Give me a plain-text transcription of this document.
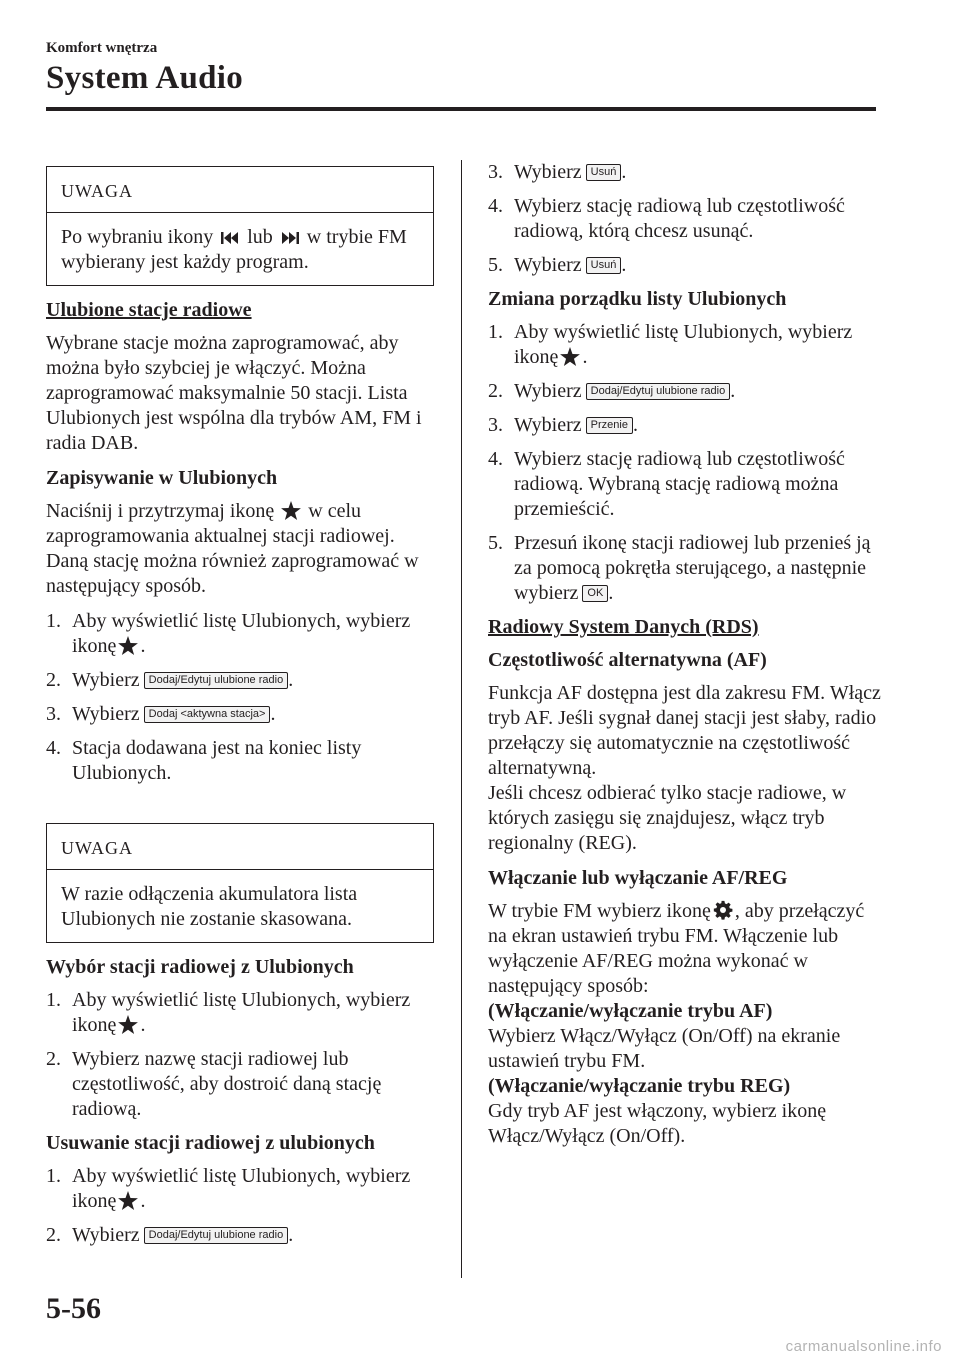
Komfort wnętrza
System Audio
UWAGA
Po wybraniu ikony lub w trybie FM wybierany jest każdy program.
Ulubione stacje radiowe

Wybrane stacje można zaprogramować, aby można było szybciej je włączyć. Można zaprogramować maksymalnie 50 stacji. Lista Ulubionych jest wspólna dla trybów AM, FM i radia DAB.

Zapisywanie w Ulubionych

Naciśnij i przytrzymaj ikonę w celu zaprogramowania aktualnej stacji radiowej. Daną stację można również zaprogramować w następujący sposób.

1. Aby wyświetlić listę Ulubionych, wybierz ikonę .
2. Wybierz Dodaj/Edytuj ulubione radio .
3. Wybierz Dodaj <aktywna stacja> .
4. Stacja dodawana jest na koniec listy Ulubionych.
UWAGA
W razie odłączenia akumulatora lista Ulubionych nie zostanie skasowana.
Wybór stacji radiowej z Ulubionych
1. Aby wyświetlić listę Ulubionych, wybierz ikonę .
2. Wybierz nazwę stacji radiowej lub częstotliwość, aby dostroić daną stację radiową.
Usuwanie stacji radiowej z ulubionych
1. Aby wyświetlić listę Ulubionych, wybierz ikonę .
2. Wybierz Dodaj/Edytuj ulubione radio .
3. Wybierz Usuń .
4. Wybierz stację radiową lub częstotliwość radiową, którą chcesz usunąć.
5. Wybierz Usuń .
Zmiana porządku listy Ulubionych
1. Aby wyświetlić listę Ulubionych, wybierz ikonę .
2. Wybierz Dodaj/Edytuj ulubione radio .
3. Wybierz Przenie .
4. Wybierz stację radiową lub częstotliwość radiową. Wybraną stację radiową można przemieścić.
5. Przesuń ikonę stacji radiowej lub przenieś ją za pomocą pokrętła sterującego, a następnie wybierz OK .
Radiowy System Danych (RDS)
Częstotliwość alternatywna (AF)

Funkcja AF dostępna jest dla zakresu FM. Włącz tryb AF. Jeśli sygnał danej stacji jest słaby, radio przełączy się automatycznie na częstotliwość alternatywną.

Jeśli chcesz odbierać tylko stacje radiowe, w których zasięgu się znajdujesz, włącz tryb regionalny (REG).

Włączanie lub wyłączanie AF/REG
W trybie FM wybierz ikonę , aby przełączyć na ekran ustawień trybu FM. Włączenie lub wyłączenie AF/REG można wykonać w następujący sposób:
(Włączanie/wyłączanie trybu AF)
Wybierz Włącz/Wyłącz (On/Off) na ekranie ustawień trybu FM.
(Włączanie/wyłączanie trybu REG)
Gdy tryb AF jest włączony, wybierz ikonę Włącz/Wyłącz (On/Off).
5-56
carmanualsonline.info
